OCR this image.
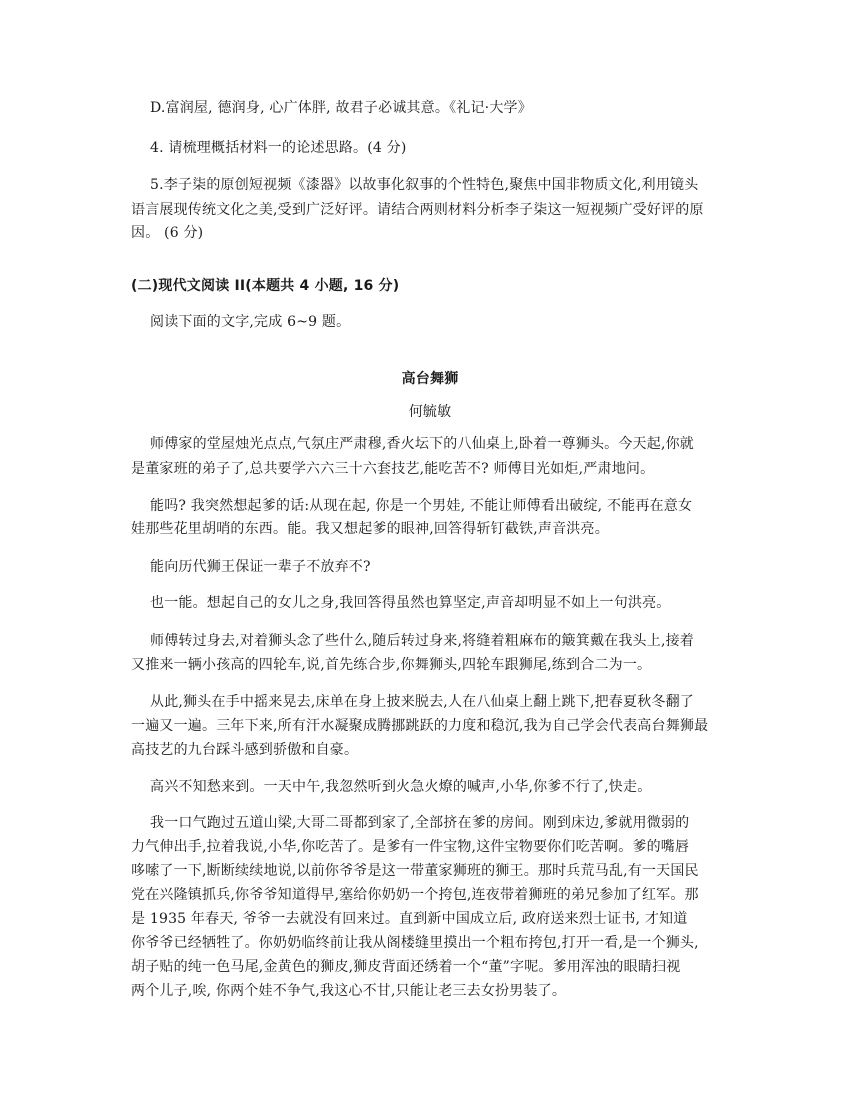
D.富润屋, 德润身, 心广体胖, 故君子必诚其意。《礼记·大学》
4. 请梳理概括材料一的论述思路。(4 分)
5.李子柒的原创短视频《漆器》以故事化叙事的个性特色,聚焦中国非物质文化,利用镜头
语言展现传统文化之美,受到广泛好评。请结合两则材料分析李子柒这一短视频广受好评的原
因。 (6 分)
(二)现代文阅读 II(本题共 4 小题, 16 分)
阅读下面的文字,完成 6~9 题。
高台舞狮
何毓敏
师傅家的堂屋烛光点点,气氛庄严肃穆,香火坛下的八仙桌上,卧着一尊狮头。今天起,你就
是董家班的弟子了,总共要学六六三十六套技艺,能吃苦不? 师傅目光如炬,严肃地问。
能吗? 我突然想起爹的话:从现在起, 你是一个男娃, 不能让师傅看出破绽, 不能再在意女
娃那些花里胡哨的东西。能。我又想起爹的眼神,回答得斩钉截铁,声音洪亮。
能向历代狮王保证一辈子不放弃不?
也一能。想起自己的女儿之身,我回答得虽然也算坚定,声音却明显不如上一句洪亮。
师傅转过身去,对着狮头念了些什么,随后转过身来,将缝着粗麻布的簸箕戴在我头上,接着
又推来一辆小孩高的四轮车,说,首先练合步,你舞狮头,四轮车跟狮尾,练到合二为一。
从此,狮头在手中摇来晃去,床单在身上披来脱去,人在八仙桌上翻上跳下,把春夏秋冬翻了
一遍又一遍。三年下来,所有汗水凝聚成腾挪跳跃的力度和稳沉,我为自己学会代表高台舞狮最
高技艺的九台踩斗感到骄傲和自豪。
高兴不知愁来到。一天中午,我忽然听到火急火燎的喊声,小华,你爹不行了,快走。
我一口气跑过五道山梁,大哥二哥都到家了,全部挤在爹的房间。刚到床边,爹就用微弱的
力气伸出手,拉着我说,小华,你吃苦了。是爹有一件宝物,这件宝物要你们吃苦啊。爹的嘴唇
哆嗦了一下,断断续续地说,以前你爷爷是这一带董家狮班的狮王。那时兵荒马乱,有一天国民
党在兴隆镇抓兵,你爷爷知道得早,塞给你奶奶一个挎包,连夜带着狮班的弟兄参加了红军。那
是 1935 年春天, 爷爷一去就没有回来过。直到新中国成立后, 政府送来烈士证书, 才知道
你爷爷已经牺牲了。你奶奶临终前让我从阁楼缝里摸出一个粗布挎包,打开一看,是一个狮头,
胡子贴的纯一色马尾,金黄色的狮皮,狮皮背面还绣着一个“董”字呢。爹用浑浊的眼睛扫视
两个儿子,唉, 你两个娃不争气,我这心不甘,只能让老三去女扮男装了。
